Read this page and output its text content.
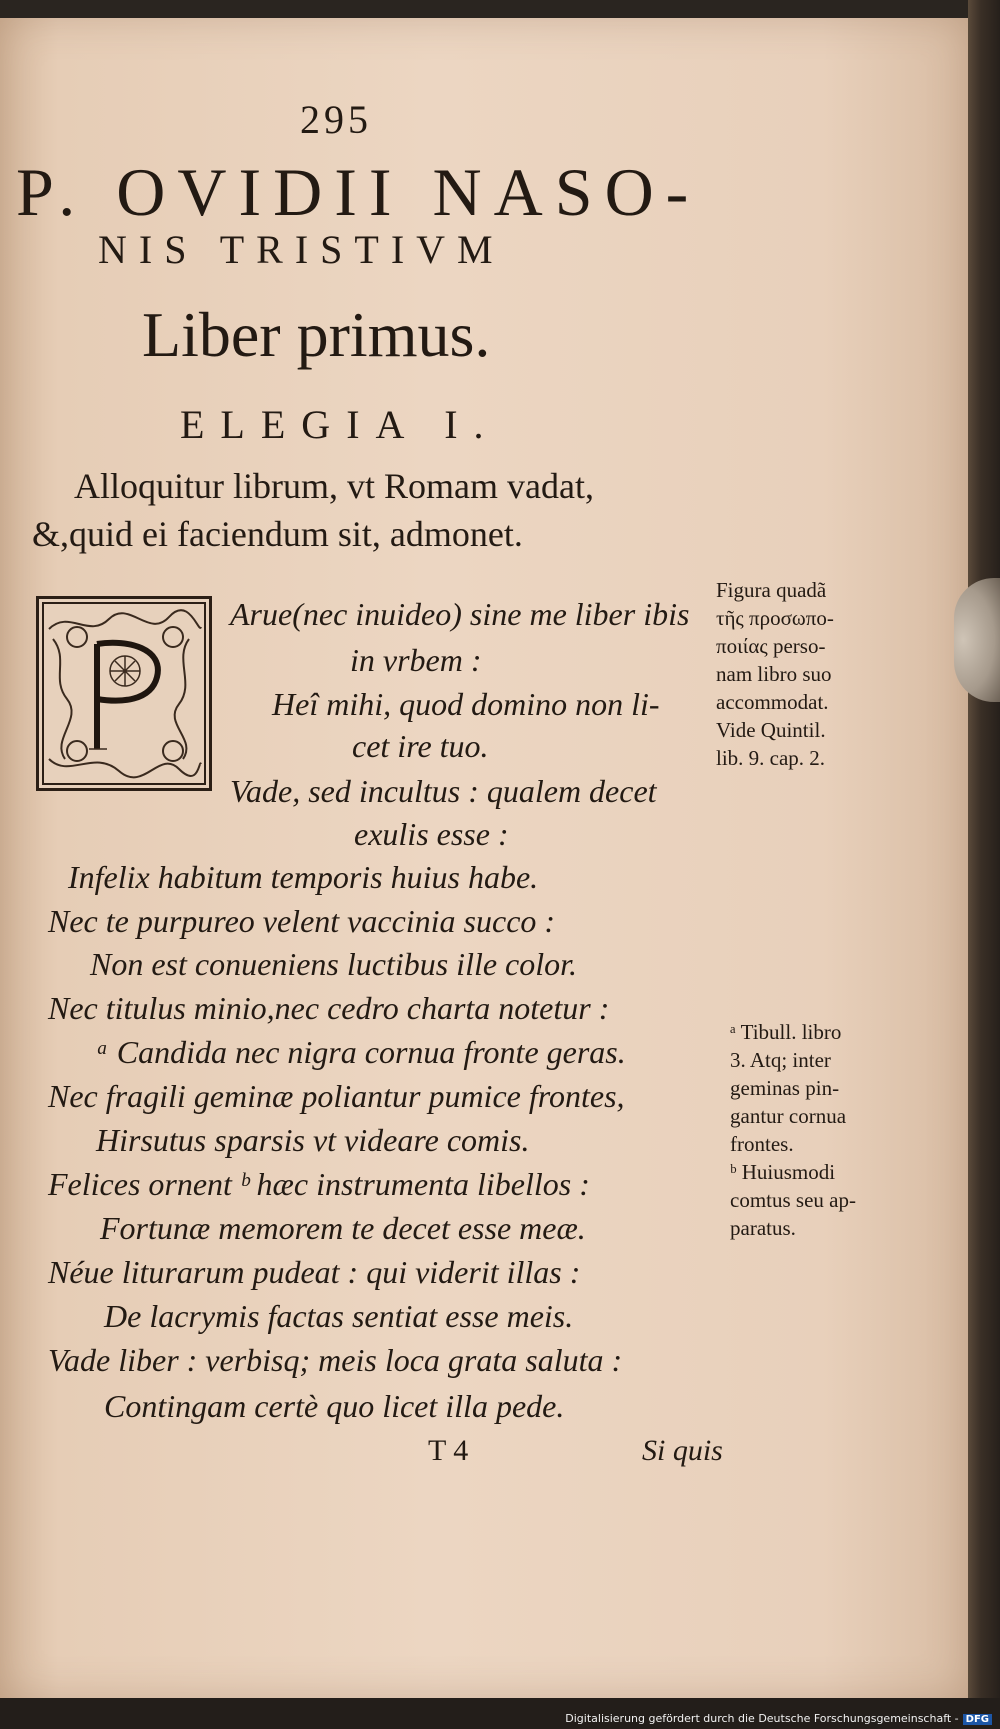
295
P. OVIDII NASO-
NIS TRISTIVM
Liber primus.
ELEGIA I.
Alloquitur librum, vt Romam vadat,
&,quid ei faciendum sit, admonet.
Arue(nec inuideo) sine me liber ibis
in vrbem :
Heî mihi, quod domino non li-
cet ire tuo.
Vade, sed incultus : qualem decet
exulis esse :
Infelix habitum temporis huius habe.
Nec te purpureo velent vaccinia succo :
Non est conueniens luctibus ille color.
Nec titulus minio,nec cedro charta notetur :
ᵃ Candida nec nigra cornua fronte geras.
Nec fragili geminæ poliantur pumice frontes,
Hirsutus sparsis vt videare comis.
Felices ornent ᵇ hæc instrumenta libellos :
Fortunæ memorem te decet esse meæ.
Néue liturarum pudeat : qui viderit illas :
De lacrymis factas sentiat esse meis.
Vade liber : verbisq; meis loca grata saluta :
Contingam certè quo licet illa pede.
Figura quadã
τῆς προσωπο-
ποιίας perso-
nam libro suo
accommodat.
Vide Quintil.
lib. 9. cap. 2.
ᵃ Tibull. libro
3. Atq; inter
geminas pin-
gantur cornua
frontes.
ᵇ Huiusmodi
comtus seu ap-
paratus.
T 4	Si quis
Digitalisierung gefördert durch die Deutsche Forschungsgemeinschaft - DFG
